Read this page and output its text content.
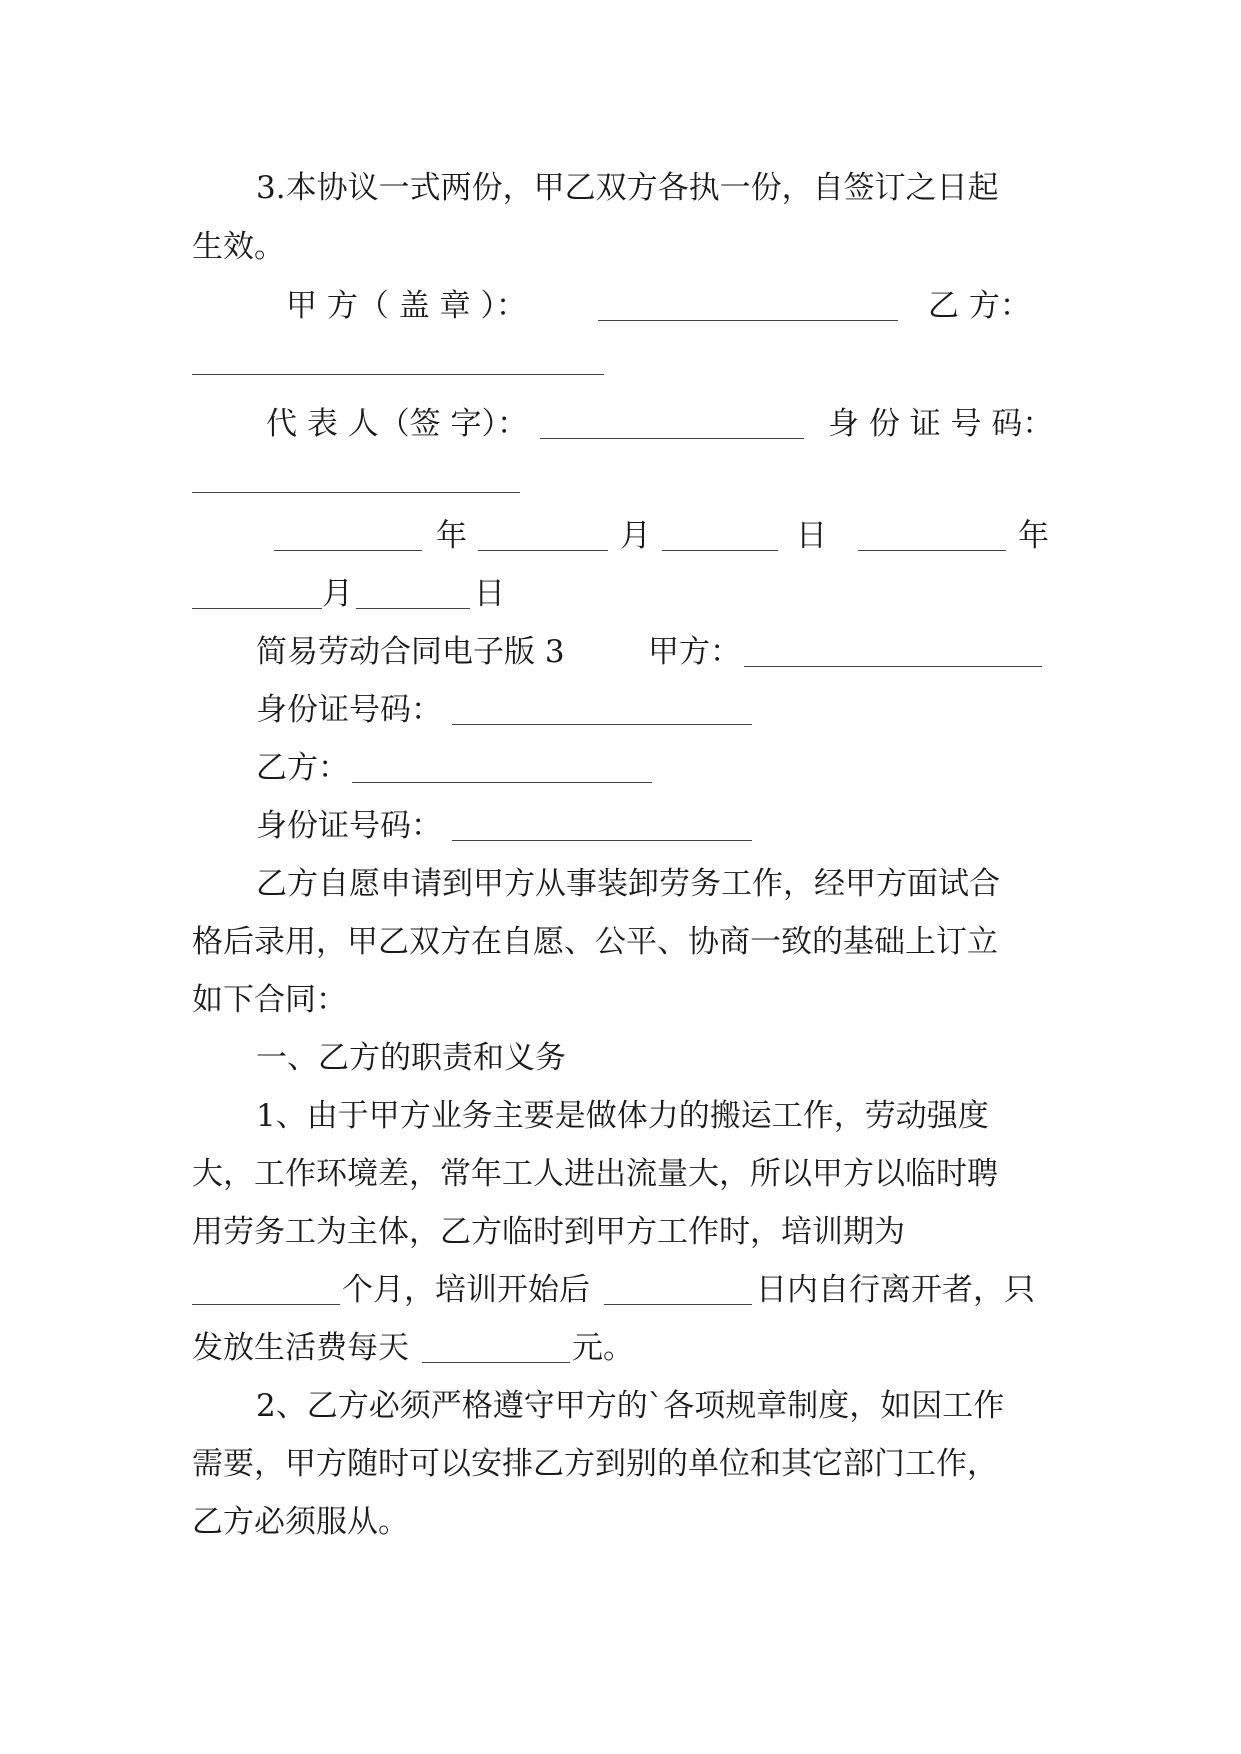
3.本协议一式两份，甲乙双方各执一份，自签订之日起
生效。
甲 方（ 盖 章 ）：	乙 方：
代 表 人（签 字）：	身 份 证 号 码：
年	月	日	年
月	日
简易劳动合同电子版 3	甲方：
身份证号码：
乙方：
身份证号码：
乙方自愿申请到甲方从事装卸劳务工作，经甲方面试合
格后录用，甲乙双方在自愿、公平、协商一致的基础上订立
如下合同：
一、乙方的职责和义务
1、由于甲方业务主要是做体力的搬运工作，劳动强度
大，工作环境差，常年工人进出流量大，所以甲方以临时聘
用劳务工为主体，乙方临时到甲方工作时，培训期为
个月，培训开始后	日内自行离开者，只
发放生活费每天	元。
2、乙方必须严格遵守甲方的`各项规章制度，如因工作
需要，甲方随时可以安排乙方到别的单位和其它部门工作，
乙方必须服从。
